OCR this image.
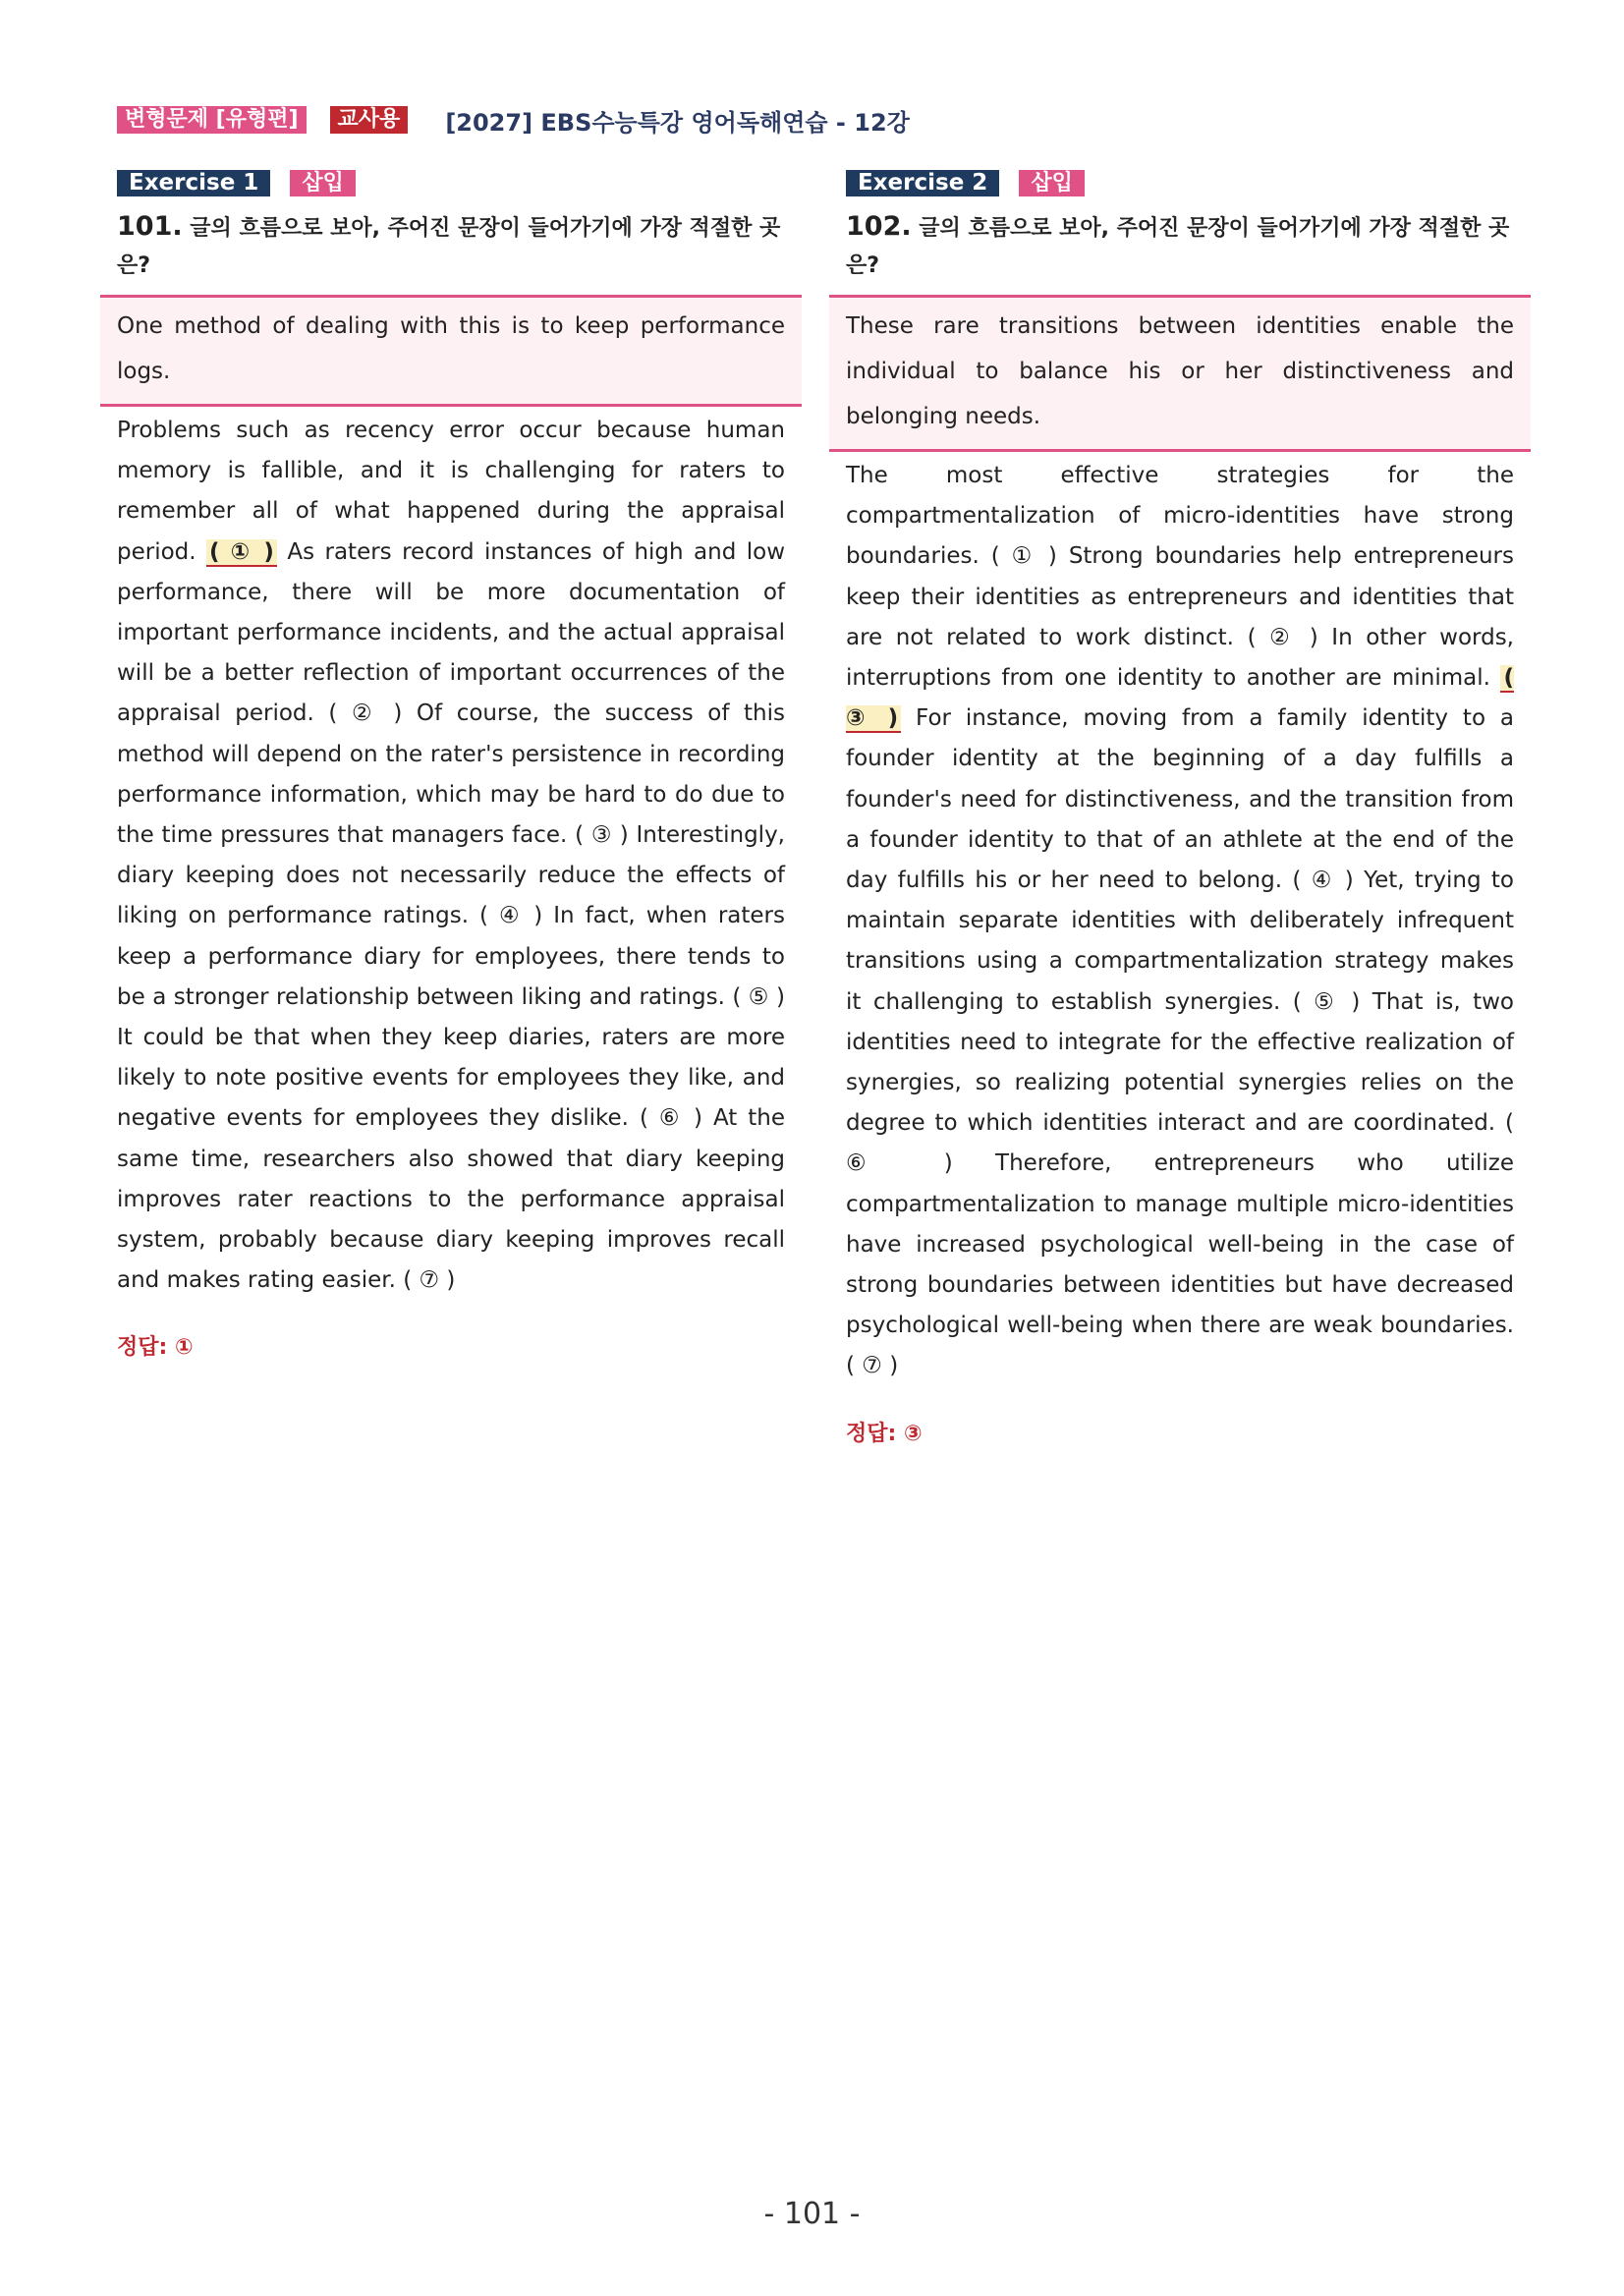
변형문제 [유형편]	교사용	[2027] EBS수능특강 영어독해연습 - 12강
Exercise 1	삽입
101. 글의 흐름으로 보아, 주어진 문장이 들어가기에 가장 적절한 곳은?
One method of dealing with this is to keep performance logs.
Problems such as recency error occur because human memory is fallible, and it is challenging for raters to remember all of what happened during the appraisal period. ( ① ) As raters record instances of high and low performance, there will be more documentation of important performance incidents, and the actual appraisal will be a better reflection of important occurrences of the appraisal period. ( ② ) Of course, the success of this method will depend on the rater's persistence in recording performance information, which may be hard to do due to the time pressures that managers face. ( ③ ) Interestingly, diary keeping does not necessarily reduce the effects of liking on performance ratings. ( ④ ) In fact, when raters keep a performance diary for employees, there tends to be a stronger relationship between liking and ratings. ( ⑤ ) It could be that when they keep diaries, raters are more likely to note positive events for employees they like, and negative events for employees they dislike. ( ⑥ ) At the same time, researchers also showed that diary keeping improves rater reactions to the performance appraisal system, probably because diary keeping improves recall and makes rating easier. ( ⑦ )
정답: ①
Exercise 2	삽입
102. 글의 흐름으로 보아, 주어진 문장이 들어가기에 가장 적절한 곳은?
These rare transitions between identities enable the individual to balance his or her distinctiveness and belonging needs.
The most effective strategies for the compartmentalization of micro-identities have strong boundaries. ( ① ) Strong boundaries help entrepreneurs keep their identities as entrepreneurs and identities that are not related to work distinct. ( ② ) In other words, interruptions from one identity to another are minimal. ( ③ ) For instance, moving from a family identity to a founder identity at the beginning of a day fulfills a founder's need for distinctiveness, and the transition from a founder identity to that of an athlete at the end of the day fulfills his or her need to belong. ( ④ ) Yet, trying to maintain separate identities with deliberately infrequent transitions using a compartmentalization strategy makes it challenging to establish synergies. ( ⑤ ) That is, two identities need to integrate for the effective realization of synergies, so realizing potential synergies relies on the degree to which identities interact and are coordinated. ( ⑥ ) Therefore, entrepreneurs who utilize compartmentalization to manage multiple micro-identities have increased psychological well-being in the case of strong boundaries between identities but have decreased psychological well-being when there are weak boundaries. ( ⑦ )
정답: ③
- 101 -
